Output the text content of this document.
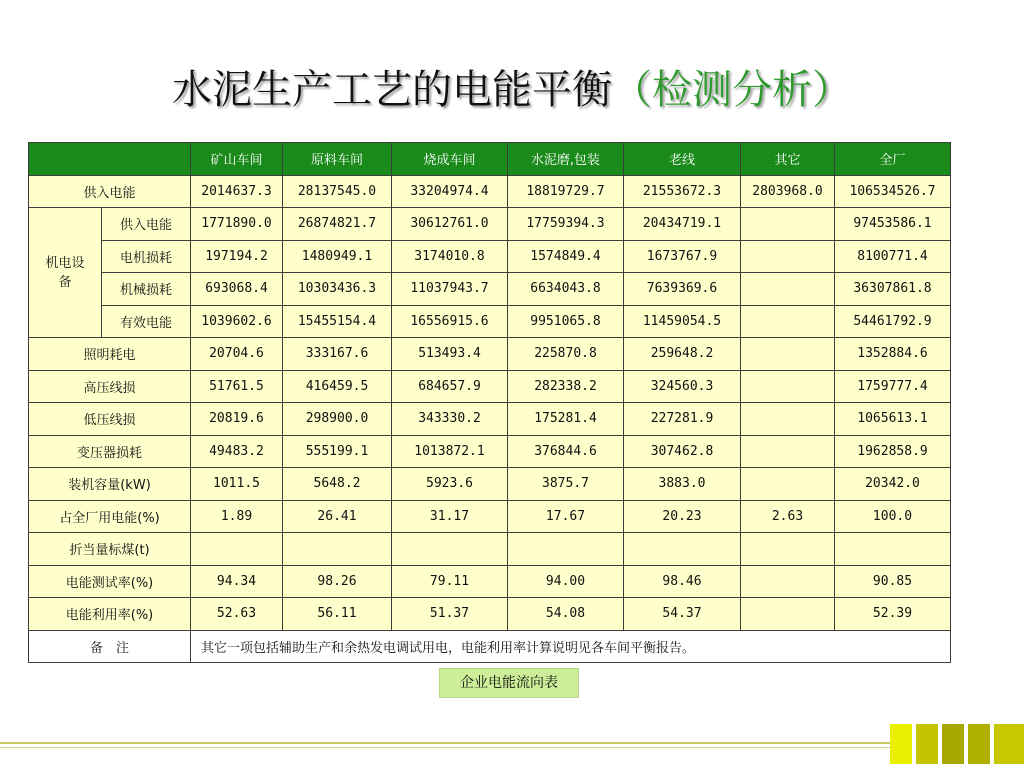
水泥生产工艺的电能平衡（检测分析）
		矿山车间	原料车间	烧成车间	水泥磨,包装	老线	其它	全厂
供入电能		2014637.3	28137545.0	33204974.4	18819729.7	21553672.3	2803968.0	106534526.7

机电设备	供入电能	1771890.0	26874821.7	30612761.0	17759394.3	20434719.1		97453586.1
	电机损耗	197194.2	1480949.1	3174010.8	1574849.4	1673767.9		8100771.4
	机械损耗	693068.4	10303436.3	11037943.7	6634043.8	7639369.6		36307861.8
	有效电能	1039602.6	15455154.4	16556915.6	9951065.8	11459054.5		54461792.9
照明耗电		20704.6	333167.6	513493.4	225870.8	259648.2		1352884.6
高压线损		51761.5	416459.5	684657.9	282338.2	324560.3		1759777.4
低压线损		20819.6	298900.0	343330.2	175281.4	227281.9		1065613.1
变压器损耗		49483.2	555199.1	1013872.1	376844.6	307462.8		1962858.9
装机容量(kW)		1011.5	5648.2	5923.6	3875.7	3883.0		20342.0
占全厂用电能(%)		1.89	26.41	31.17	17.67	20.23	2.63	100.0
折当量标煤(t)								
电能测试率(%)		94.34	98.26	79.11	94.00	98.46		90.85
电能利用率(%)		52.63	56.11	51.37	54.08	54.37		52.39
备　注		其它一项包括辅助生产和余热发电调试用电，电能利用率计算说明见各车间平衡报告。						
企业电能流向表
